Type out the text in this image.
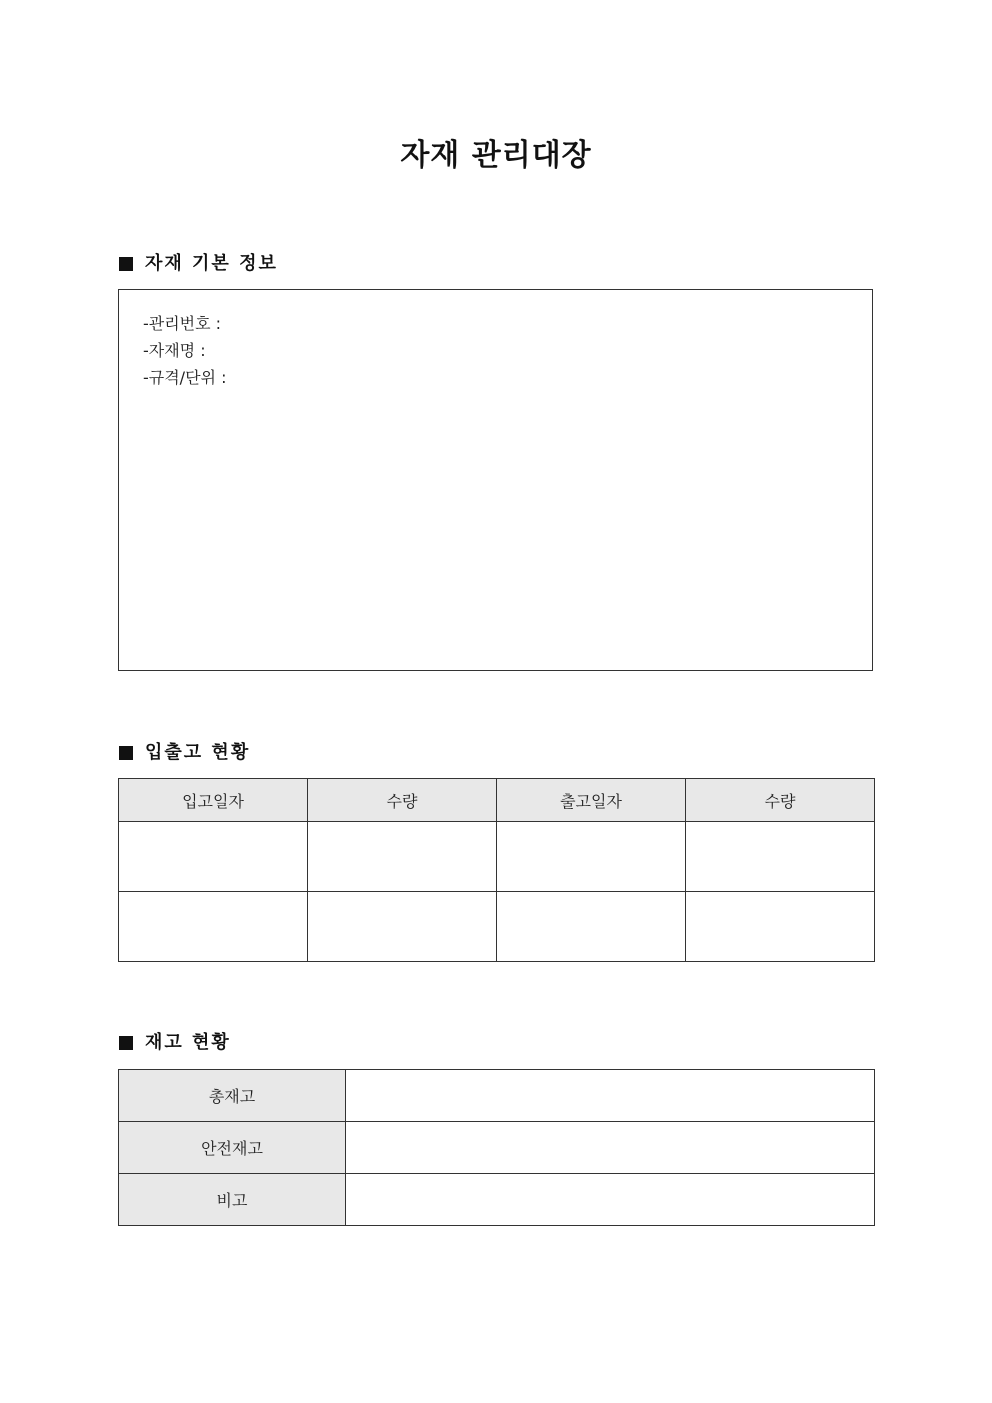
자재 관리대장
자재 기본 정보
-관리번호 :
-자재명 :
-규격/단위 :
입출고 현황
입고일자	수량	출고일자	수량

재고 현황
총재고	
안전재고	
비고	
